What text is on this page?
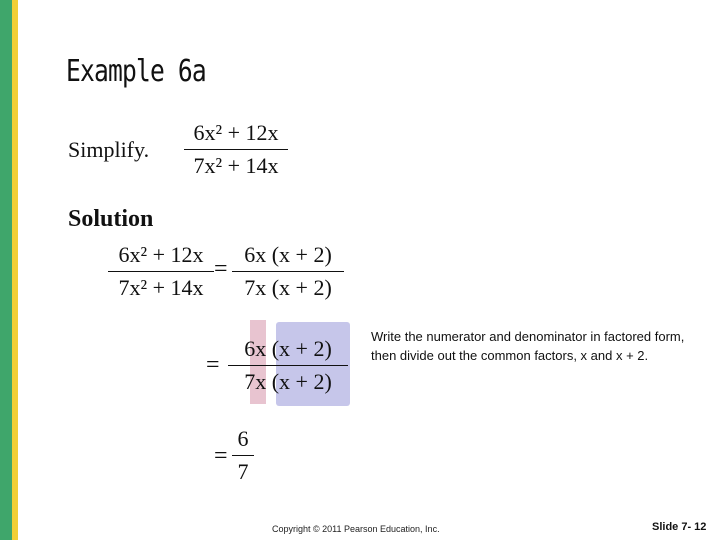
Example 6a
Simplify.
6x² + 12x
7x² + 14x
Solution
6x² + 12x
7x² + 14x
=
6x (x + 2)
7x (x + 2)
=
6x (x + 2)
7x (x + 2)
Write the numerator and denominator in factored form, then divide out the common factors, x and x + 2.
=
6
7
Copyright © 2011 Pearson Education, Inc.	Slide 7- 12
